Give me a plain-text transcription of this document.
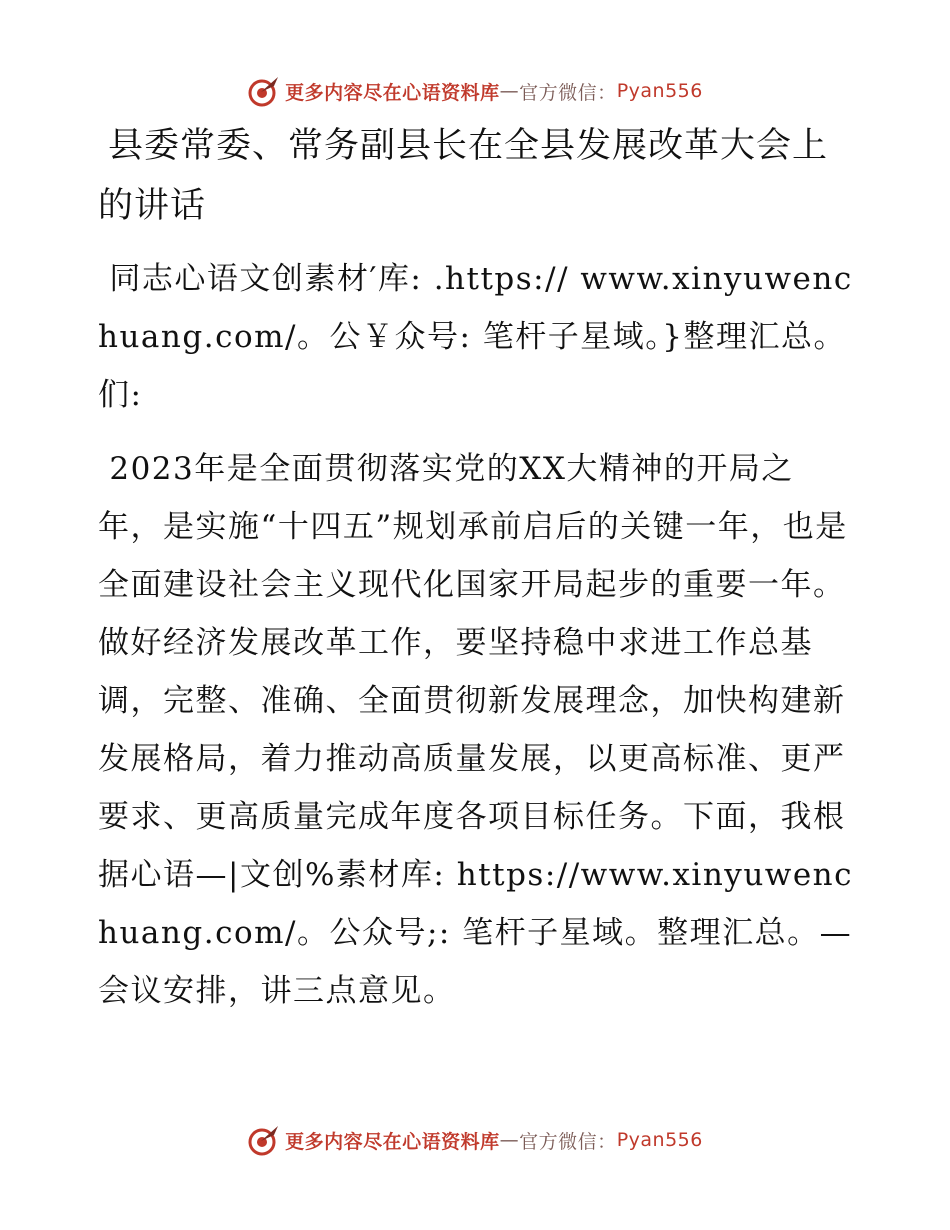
更多内容尽在心语资料库 — 官方微信： Pyan556
县委常委、常务副县长在全县发展改革大会上的讲话

同志心语文创素材′库: .https:// www.xinyuwenchuang.com/。公￥众号: 笔杆子星域。}整理汇总。们:

2023年是全面贯彻落实党的XX大精神的开局之年，是实施“十四五”规划承前启后的关键一年，也是全面建设社会主义现代化国家开局起步的重要一年。做好经济发展改革工作，要坚持稳中求进工作总基调，完整、准确、全面贯彻新发展理念，加快构建新发展格局，着力推动高质量发展，以更高标准、更严要求、更高质量完成年度各项目标任务。下面，我根据心语—|文创%素材库: https://www.xinyuwenchuang.com/。公众号;: 笔杆子星域。整理汇总。—会议安排，讲三点意见。

更多内容尽在心语资料库 — 官方微信： Pyan556
